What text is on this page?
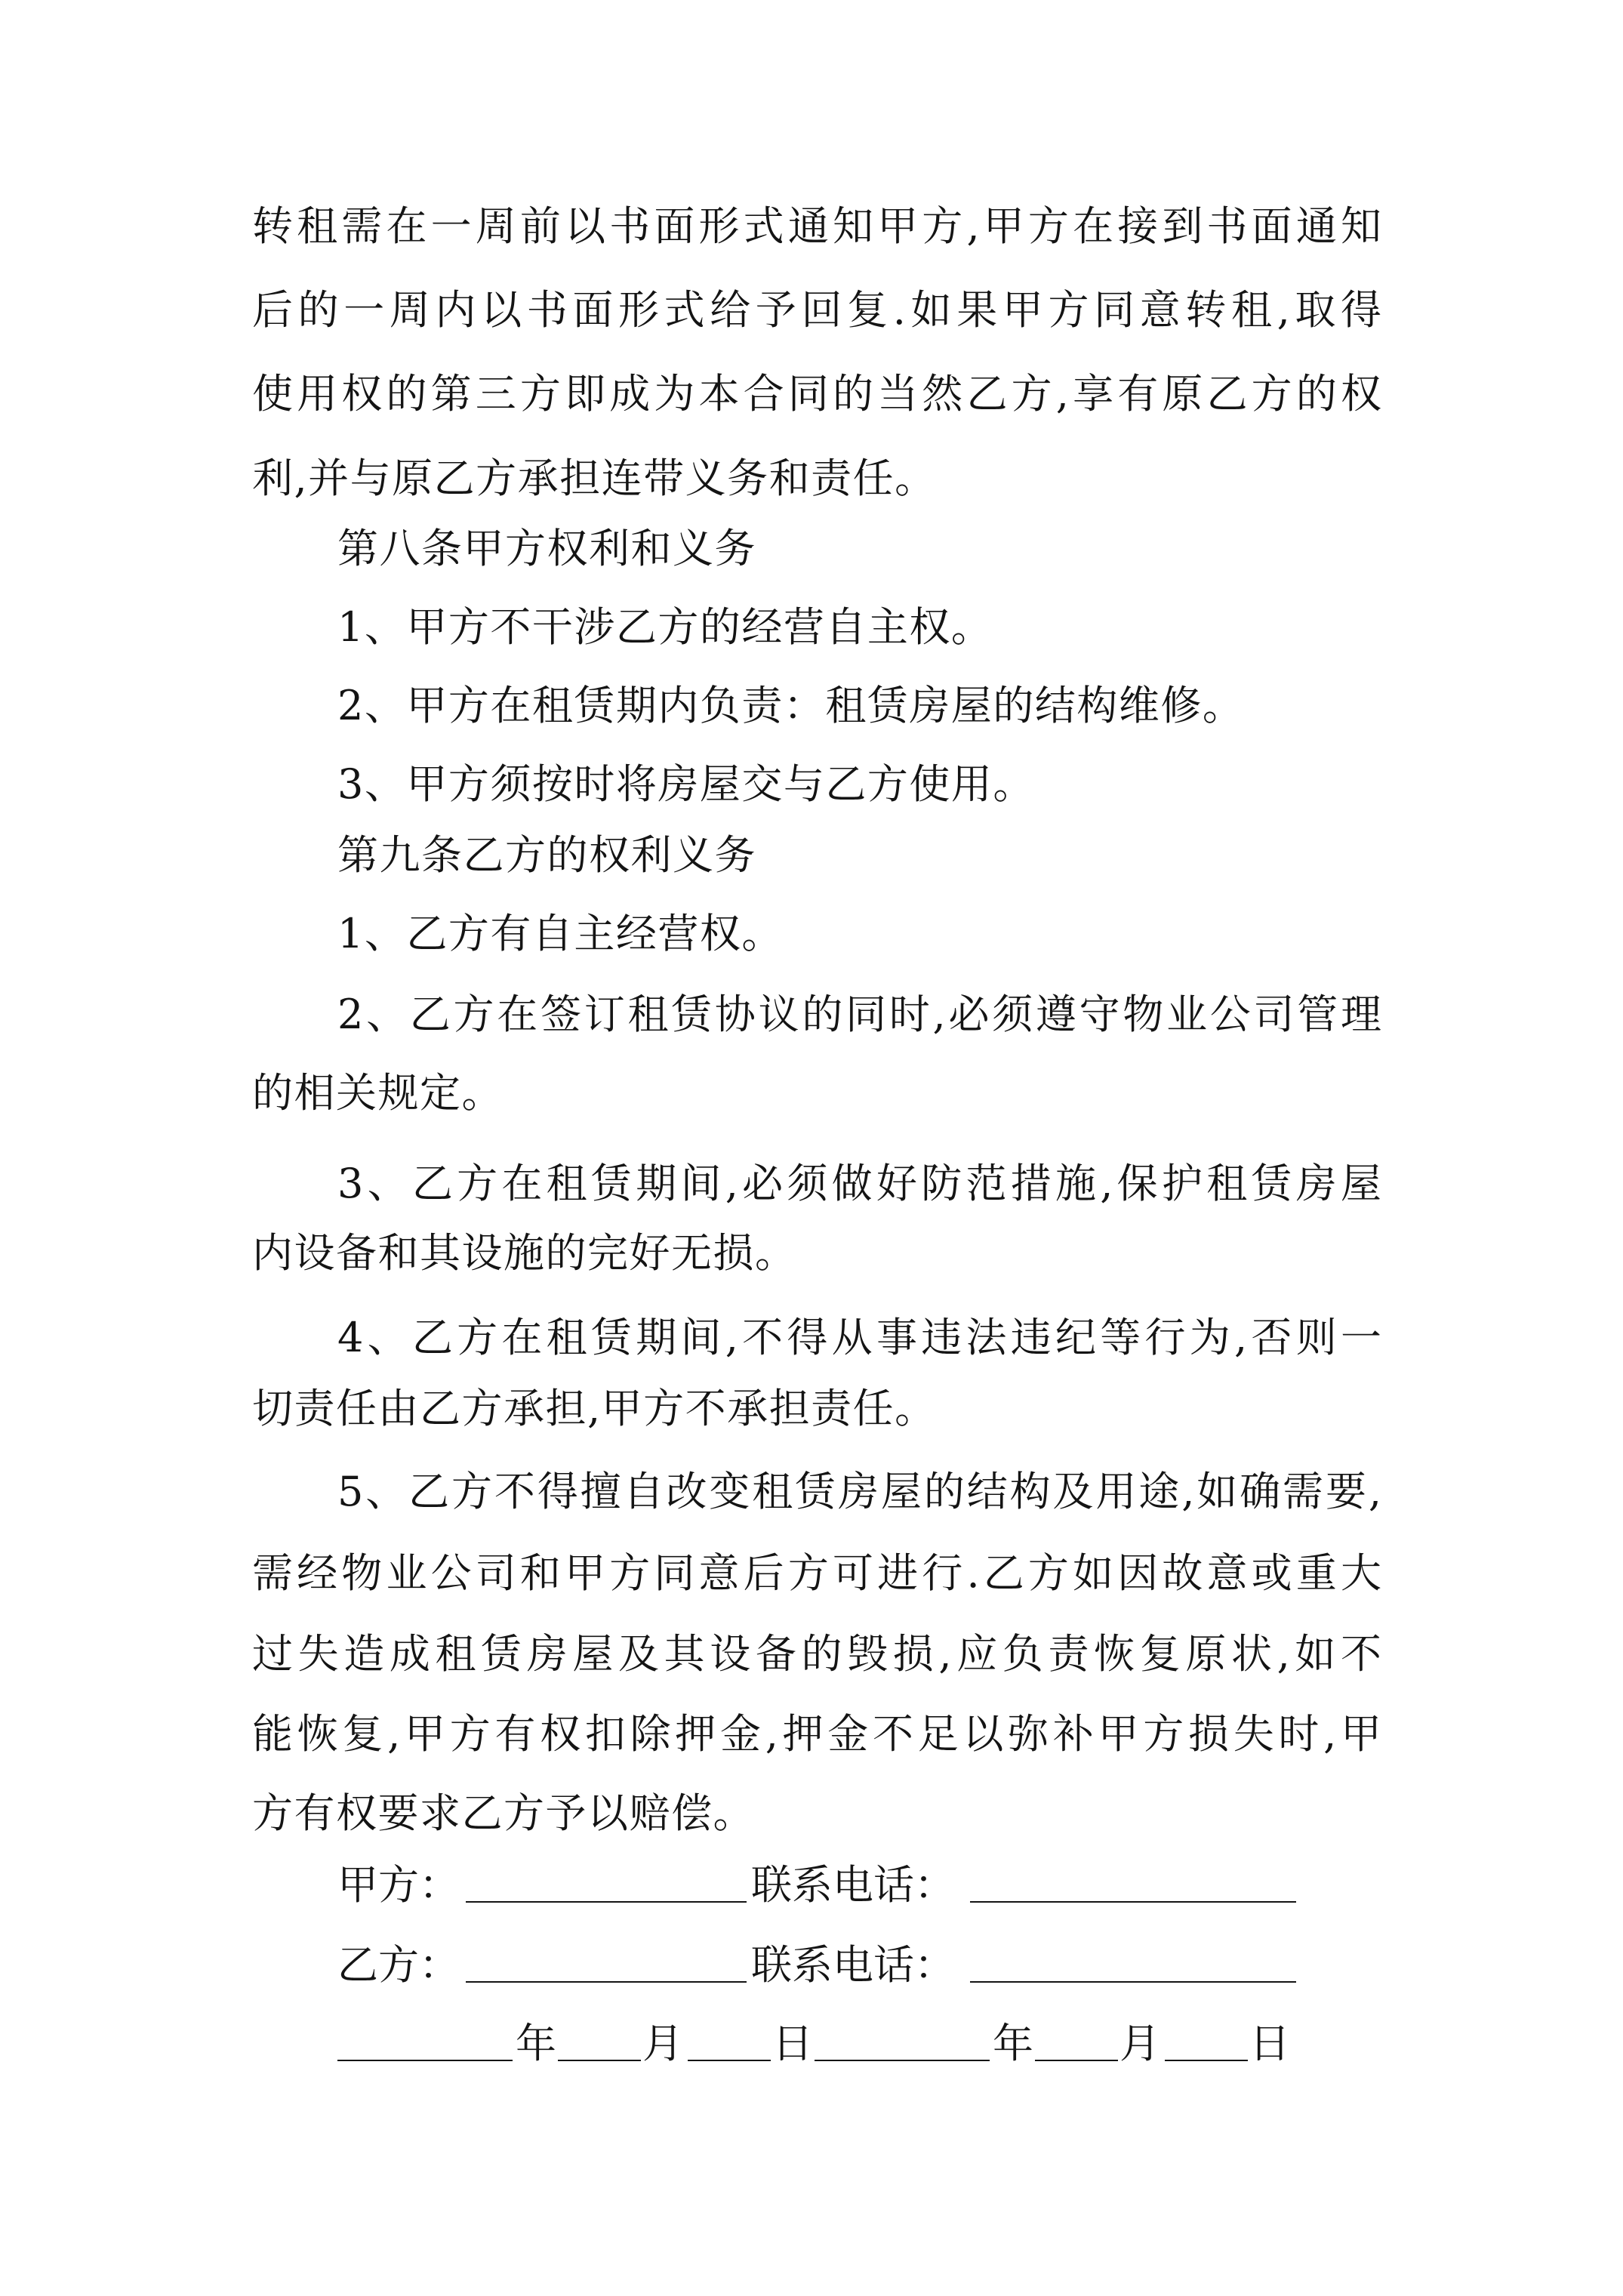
转租需在一周前以书面形式通知甲方,甲方在接到书面通知
后的一周内以书面形式给予回复.如果甲方同意转租,取得
使用权的第三方即成为本合同的当然乙方,享有原乙方的权
利,并与原乙方承担连带义务和责任。
第八条甲方权利和义务
1、甲方不干涉乙方的经营自主权。
2、甲方在租赁期内负责：租赁房屋的结构维修。
3、甲方须按时将房屋交与乙方使用。
第九条乙方的权利义务
1、乙方有自主经营权。
2、乙方在签订租赁协议的同时,必须遵守物业公司管理
的相关规定。
3、乙方在租赁期间,必须做好防范措施,保护租赁房屋
内设备和其设施的完好无损。
4、乙方在租赁期间,不得从事违法违纪等行为,否则一
切责任由乙方承担,甲方不承担责任。
5、乙方不得擅自改变租赁房屋的结构及用途,如确需要,
需经物业公司和甲方同意后方可进行.乙方如因故意或重大
过失造成租赁房屋及其设备的毁损,应负责恢复原状,如不
能恢复,甲方有权扣除押金,押金不足以弥补甲方损失时,甲
方有权要求乙方予以赔偿。
甲方：	联系电话：
乙方：	联系电话：
年 月 日	年 月 日
